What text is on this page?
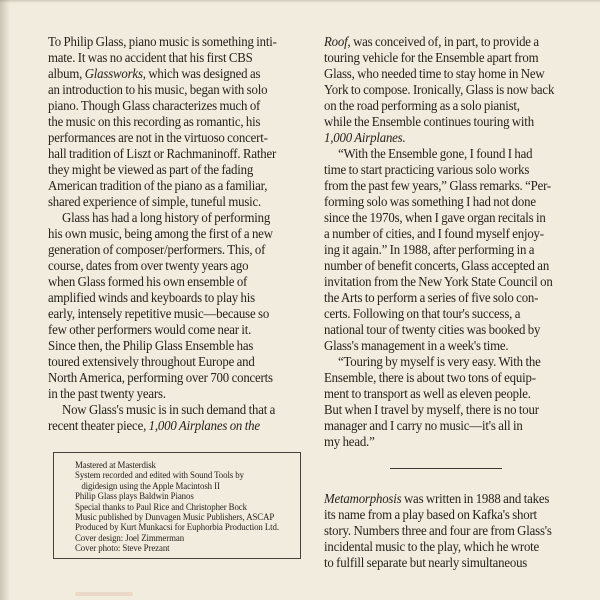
To Philip Glass, piano music is something inti-
mate. It was no accident that his first CBS
album, Glassworks, which was designed as
an introduction to his music, began with solo
piano. Though Glass characterizes much of
the music on this recording as romantic, his
performances are not in the virtuoso concert-
hall tradition of Liszt or Rachmaninoff. Rather
they might be viewed as part of the fading
American tradition of the piano as a familiar,
shared experience of simple, tuneful music.
Glass has had a long history of performing
his own music, being among the first of a new
generation of composer/performers. This, of
course, dates from over twenty years ago
when Glass formed his own ensemble of
amplified winds and keyboards to play his
early, intensely repetitive music—because so
few other performers would come near it.
Since then, the Philip Glass Ensemble has
toured extensively throughout Europe and
North America, performing over 700 concerts
in the past twenty years.
Now Glass's music is in such demand that a
recent theater piece, 1,000 Airplanes on the
Roof, was conceived of, in part, to provide a
touring vehicle for the Ensemble apart from
Glass, who needed time to stay home in New
York to compose. Ironically, Glass is now back
on the road performing as a solo pianist,
while the Ensemble continues touring with
1,000 Airplanes.
“With the Ensemble gone, I found I had
time to start practicing various solo works
from the past few years,” Glass remarks. “Per-
forming solo was something I had not done
since the 1970s, when I gave organ recitals in
a number of cities, and I found myself enjoy-
ing it again.” In 1988, after performing in a
number of benefit concerts, Glass accepted an
invitation from the New York State Council on
the Arts to perform a series of five solo con-
certs. Following on that tour's success, a
national tour of twenty cities was booked by
Glass's management in a week's time.
“Touring by myself is very easy. With the
Ensemble, there is about two tons of equip-
ment to transport as well as eleven people.
But when I travel by myself, there is no tour
manager and I carry no music—it's all in
my head.”
Metamorphosis was written in 1988 and takes
its name from a play based on Kafka's short
story. Numbers three and four are from Glass's
incidental music to the play, which he wrote
to fulfill separate but nearly simultaneous
Mastered at Masterdisk
System recorded and edited with Sound Tools by
digidesign using the Apple Macintosh II
Philip Glass plays Baldwin Pianos
Special thanks to Paul Rice and Christopher Bock
Music published by Dunvagen Music Publishers, ASCAP
Produced by Kurt Munkacsi for Euphorbia Production Ltd.
Cover design: Joel Zimmerman
Cover photo: Steve Prezant
